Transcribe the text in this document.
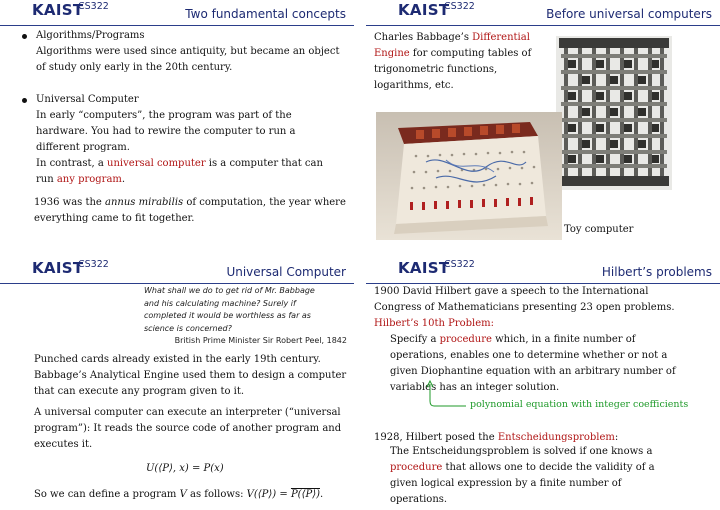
KAIST
CS322
Two fundamental concepts
Algorithms/Programs
Algorithms were used since antiquity, but became an object
of study only early in the 20th century.
Universal Computer
In early “computers”, the program was part of the
hardware. You had to rewire the computer to run a
different program.
In contrast, a universal computer is a computer that can
run any program.
1936 was the annus mirabilis of computation, the year where
everything came to fit together.
KAIST
CS322
Before universal computers
Charles Babbage’s Differential
Engine for computing tables of
trigonometric functions,
logarithms, etc.
Toy computer
KAIST
CS322
Universal Computer
What shall we do to get rid of Mr. Babbage
and his calculating machine? Surely if
completed it would be worthless as far as
science is concerned?
British Prime Minister Sir Robert Peel, 1842
Punched cards already existed in the early 19th century.
Babbage’s Analytical Engine used them to design a computer
that can execute any program given to it.
A universal computer can execute an interpreter (“universal
program”): It reads the source code of another program and
executes it.
U(⟨P⟩, x) = P(x)
So we can define a program V as follows: V(⟨P⟩) = P(⟨P⟩).
KAIST
CS322
Hilbert’s problems
1900 David Hilbert gave a speech to the International
Congress of Mathematicians presenting 23 open problems.
Hilbert’s 10th Problem:
Specify a procedure which, in a finite number of
operations, enables one to determine whether or not a
given Diophantine equation with an arbitrary number of
variables has an integer solution.
polynomial equation with integer coefficients
1928, Hilbert posed the Entscheidungsproblem:
The Entscheidungsproblem is solved if one knows a
procedure that allows one to decide the validity of a
given logical expression by a finite number of
operations.
